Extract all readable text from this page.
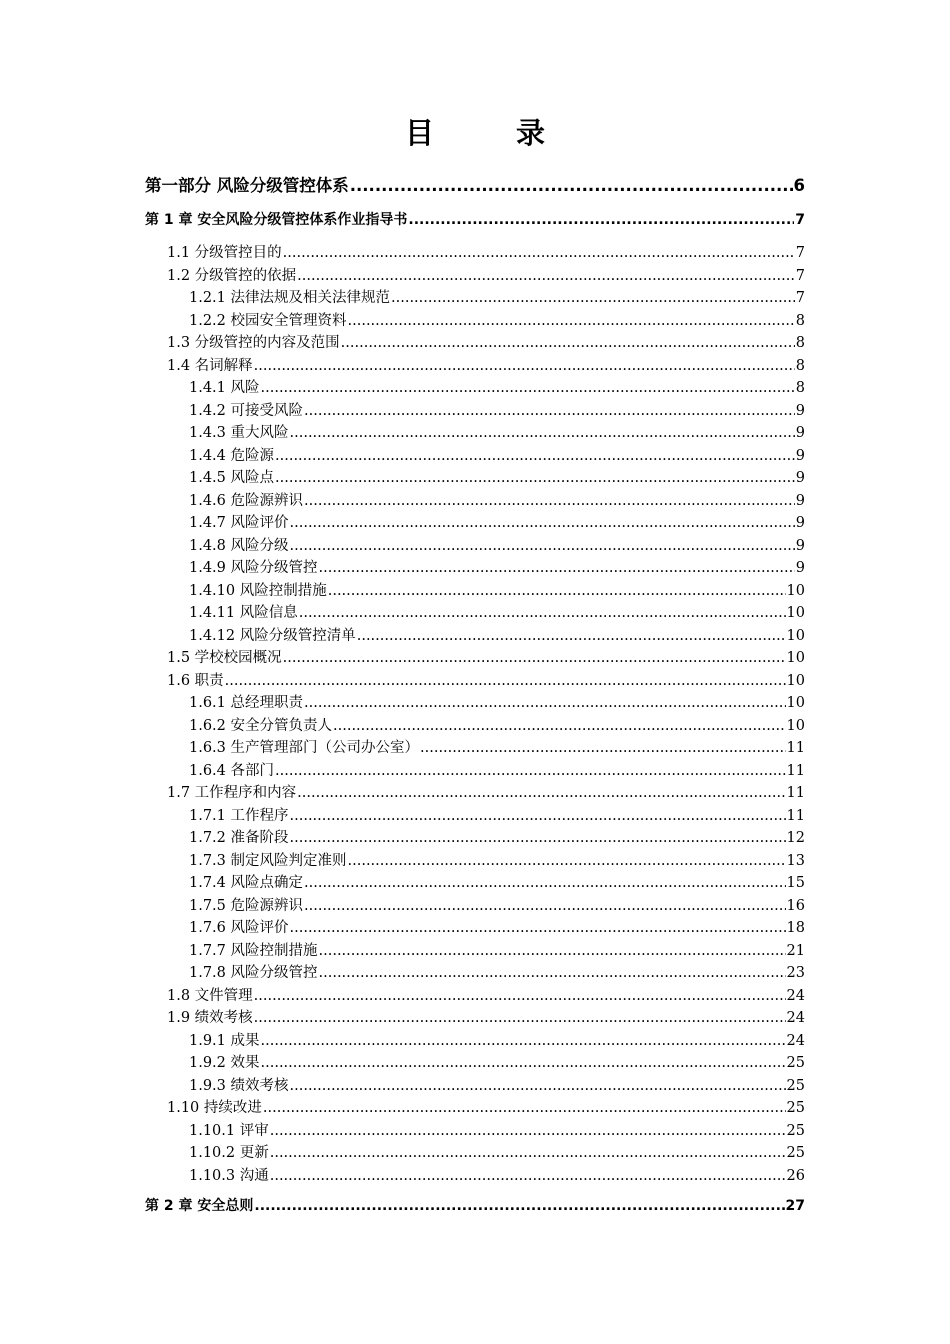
目 录
第一部分 风险分级管控体系 .....	6
第 1 章 安全风险分级管控体系作业指导书 .....	7
1.1 分级管控目的 .....	7
1.2 分级管控的依据 .....	7
1.2.1 法律法规及相关法律规范 .....	7
1.2.2 校园安全管理资料 .....	8
1.3 分级管控的内容及范围 .....	8
1.4 名词解释 .....	8
1.4.1 风险 .....	8
1.4.2 可接受风险 .....	9
1.4.3 重大风险 .....	9
1.4.4 危险源 .....	9
1.4.5 风险点 .....	9
1.4.6 危险源辨识 .....	9
1.4.7 风险评价 .....	9
1.4.8 风险分级 .....	9
1.4.9 风险分级管控 .....	9
1.4.10 风险控制措施 .....	10
1.4.11 风险信息 .....	10
1.4.12 风险分级管控清单 .....	10
1.5 学校校园概况 .....	10
1.6 职责 .....	10
1.6.1 总经理职责 .....	10
1.6.2 安全分管负责人 .....	10
1.6.3 生产管理部门（公司办公室） .....	11
1.6.4 各部门 .....	11
1.7 工作程序和内容 .....	11
1.7.1 工作程序 .....	11
1.7.2 准备阶段 .....	12
1.7.3 制定风险判定准则 .....	13
1.7.4 风险点确定 .....	15
1.7.5 危险源辨识 .....	16
1.7.6 风险评价 .....	18
1.7.7 风险控制措施 .....	21
1.7.8 风险分级管控 .....	23
1.8 文件管理 .....	24
1.9 绩效考核 .....	24
1.9.1 成果 .....	24
1.9.2 效果 .....	25
1.9.3 绩效考核 .....	25
1.10 持续改进 .....	25
1.10.1 评审 .....	25
1.10.2 更新 .....	25
1.10.3 沟通 .....	26
第 2 章 安全总则 .....	27
